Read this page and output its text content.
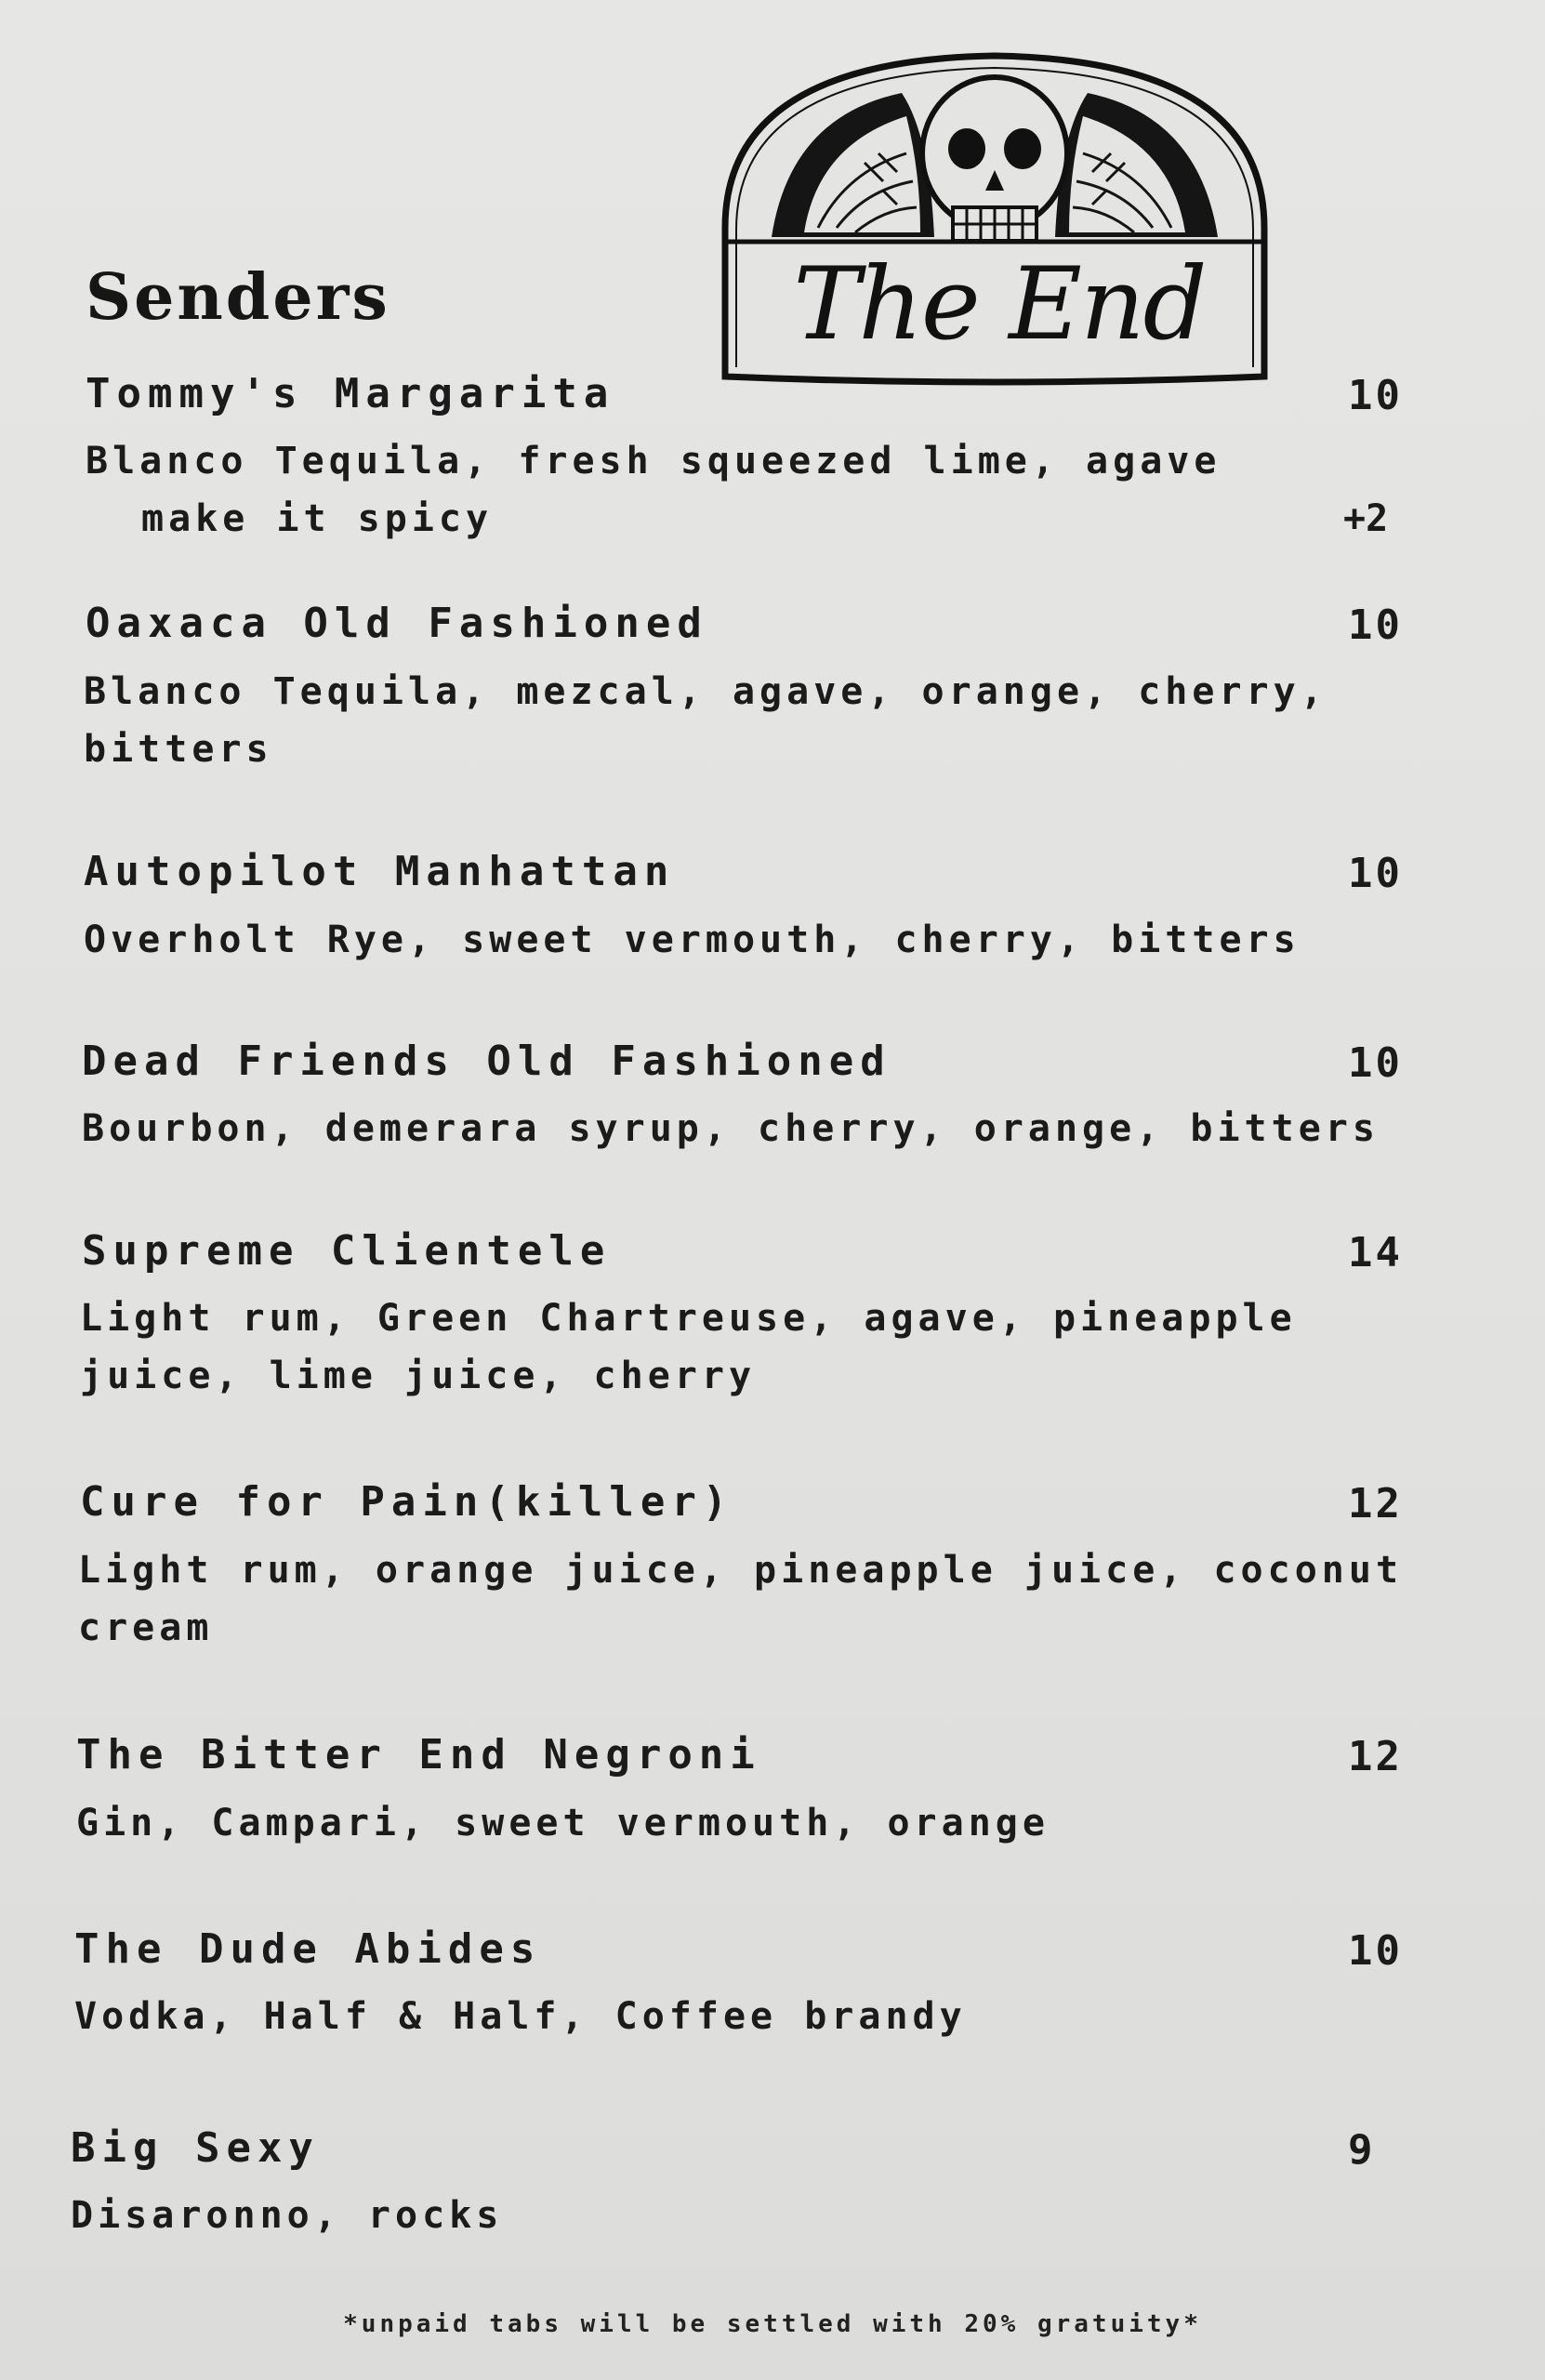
The End
Senders
Tommy's Margarita	10
Blanco Tequila, fresh squeezed lime, agave
make it spicy	+2
Oaxaca Old Fashioned	10
Blanco Tequila, mezcal, agave, orange, cherry,
bitters
Autopilot Manhattan	10
Overholt Rye, sweet vermouth, cherry, bitters
Dead Friends Old Fashioned	10
Bourbon, demerara syrup, cherry, orange, bitters
Supreme Clientele	14
Light rum, Green Chartreuse, agave, pineapple
juice, lime juice, cherry
Cure for Pain(killer)	12
Light rum, orange juice, pineapple juice, coconut
cream
The Bitter End Negroni	12
Gin, Campari, sweet vermouth, orange
The Dude Abides	10
Vodka, Half & Half, Coffee brandy
Big Sexy	9
Disaronno, rocks
*unpaid tabs will be settled with 20% gratuity*
